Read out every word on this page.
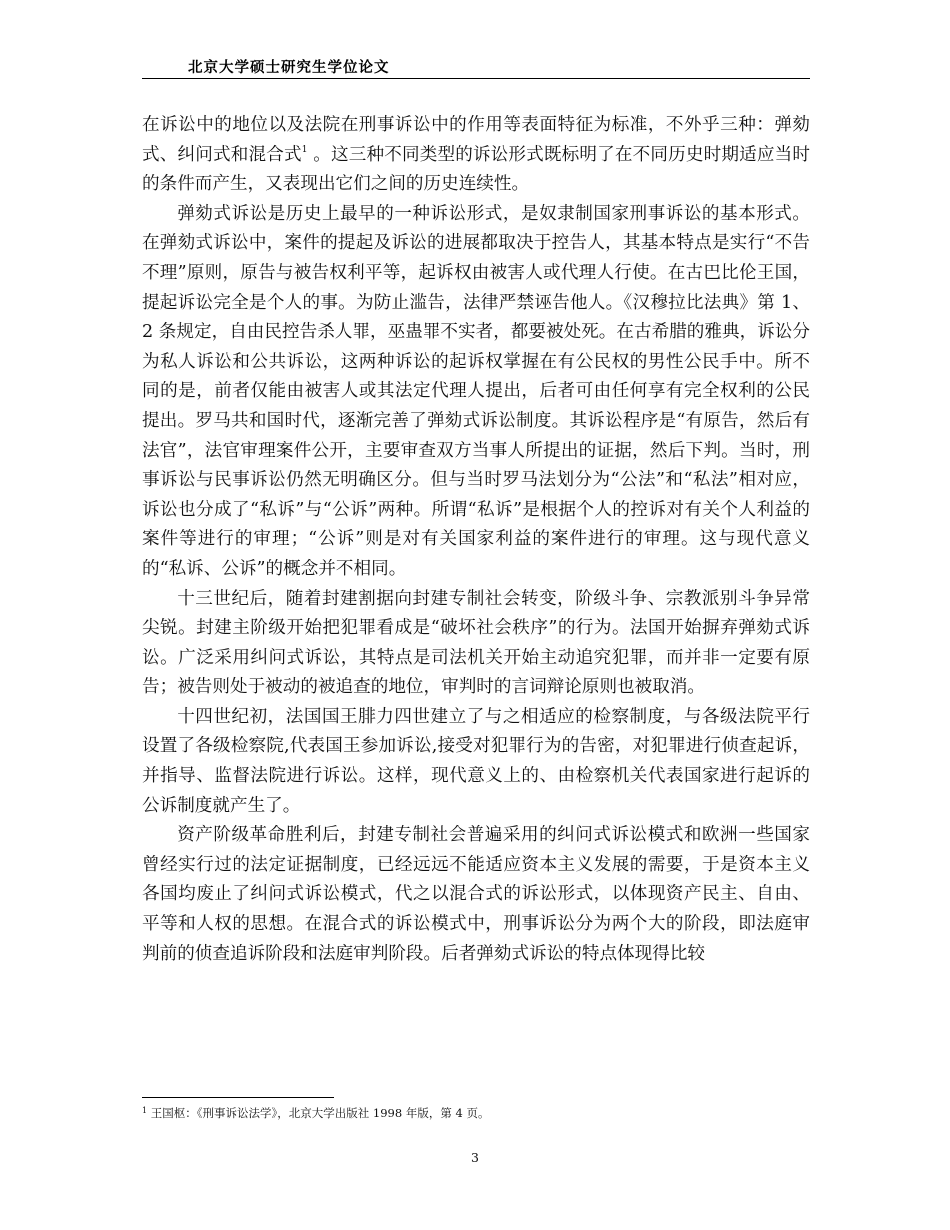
北京大学硕士研究生学位论文

在诉讼中的地位以及法院在刑事诉讼中的作用等表面特征为标准，不外乎三种：弹劾式、纠问式和混合式$^1$ 。这三种不同类型的诉讼形式既标明了在不同历史时期适应当时的条件而产生，又表现出它们之间的历史连续性。

弹劾式诉讼是历史上最早的一种诉讼形式，是奴隶制国家刑事诉讼的基本形式。在弹劾式诉讼中，案件的提起及诉讼的进展都取决于控告人，其基本特点是实行“不告不理”原则，原告与被告权利平等，起诉权由被害人或代理人行使。在古巴比伦王国，提起诉讼完全是个人的事。为防止滥告，法律严禁诬告他人。《汉穆拉比法典》第 1、2 条规定，自由民控告杀人罪，巫蛊罪不实者，都要被处死。在古希腊的雅典，诉讼分为私人诉讼和公共诉讼，这两种诉讼的起诉权掌握在有公民权的男性公民手中。所不同的是，前者仅能由被害人或其法定代理人提出，后者可由任何享有完全权利的公民提出。罗马共和国时代，逐渐完善了弹劾式诉讼制度。其诉讼程序是“有原告，然后有法官”，法官审理案件公开，主要审查双方当事人所提出的证据，然后下判。当时，刑事诉讼与民事诉讼仍然无明确区分。但与当时罗马法划分为“公法”和“私法”相对应，诉讼也分成了“私诉”与“公诉”两种。所谓“私诉”是根据个人的控诉对有关个人利益的案件等进行的审理；“公诉”则是对有关国家利益的案件进行的审理。这与现代意义的“私诉、公诉”的概念并不相同。

十三世纪后，随着封建割据向封建专制社会转变，阶级斗争、宗教派别斗争异常尖锐。封建主阶级开始把犯罪看成是“破坏社会秩序”的行为。法国开始摒弃弹劾式诉讼。广泛采用纠问式诉讼，其特点是司法机关开始主动追究犯罪，而并非一定要有原告；被告则处于被动的被追查的地位，审判时的言词辩论原则也被取消。

十四世纪初，法国国王腓力四世建立了与之相适应的检察制度，与各级法院平行设置了各级检察院,代表国王参加诉讼,接受对犯罪行为的告密，对犯罪进行侦查起诉，并指导、监督法院进行诉讼。这样，现代意义上的、由检察机关代表国家进行起诉的公诉制度就产生了。

资产阶级革命胜利后，封建专制社会普遍采用的纠问式诉讼模式和欧洲一些国家曾经实行过的法定证据制度，已经远远不能适应资本主义发展的需要，于是资本主义各国均废止了纠问式诉讼模式，代之以混合式的诉讼形式，以体现资产民主、自由、平等和人权的思想。在混合式的诉讼模式中，刑事诉讼分为两个大的阶段，即法庭审判前的侦查追诉阶段和法庭审判阶段。后者弹劾式诉讼的特点体现得比较

$^1$ 王国枢：《刑事诉讼法学》，北京大学出版社 1998 年版，第 4 页。
3
